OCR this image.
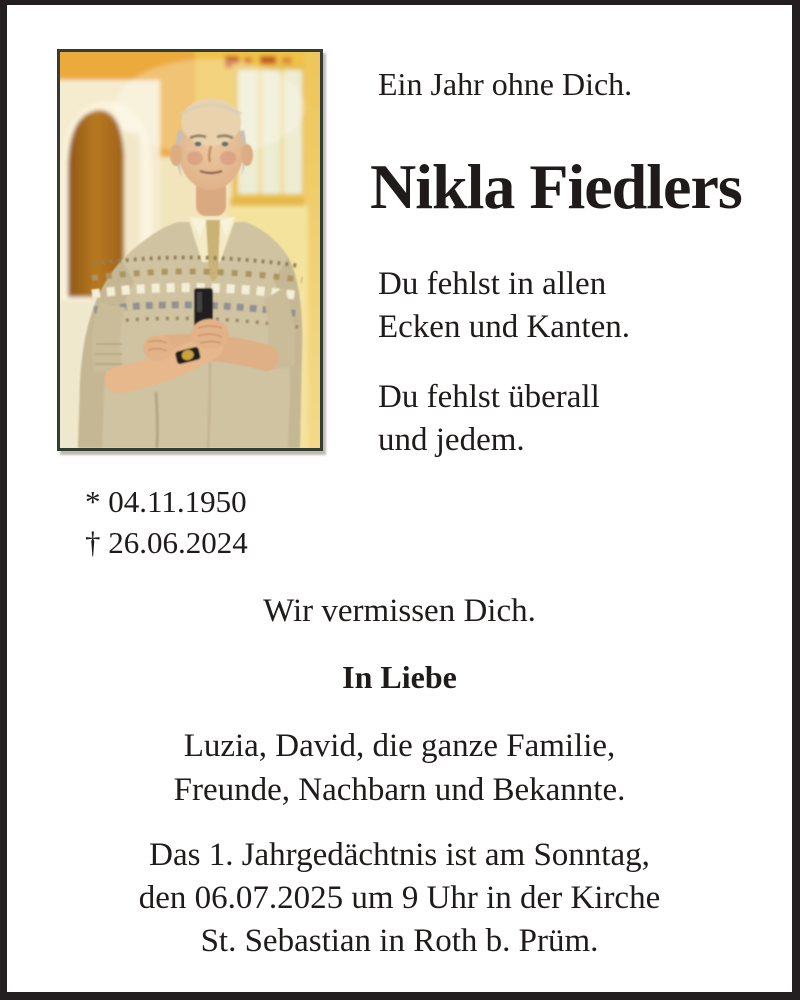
Ein Jahr ohne Dich.
Nikla Fiedlers
Du fehlst in allen
Ecken und Kanten.
Du fehlst überall
und jedem.
* 04.11.1950
† 26.06.2024
Wir vermissen Dich.
In Liebe
Luzia, David, die ganze Familie,
Freunde, Nachbarn und Bekannte.
Das 1. Jahrgedächtnis ist am Sonntag,
den 06.07.2025 um 9 Uhr in der Kirche
St. Sebastian in Roth b. Prüm.
